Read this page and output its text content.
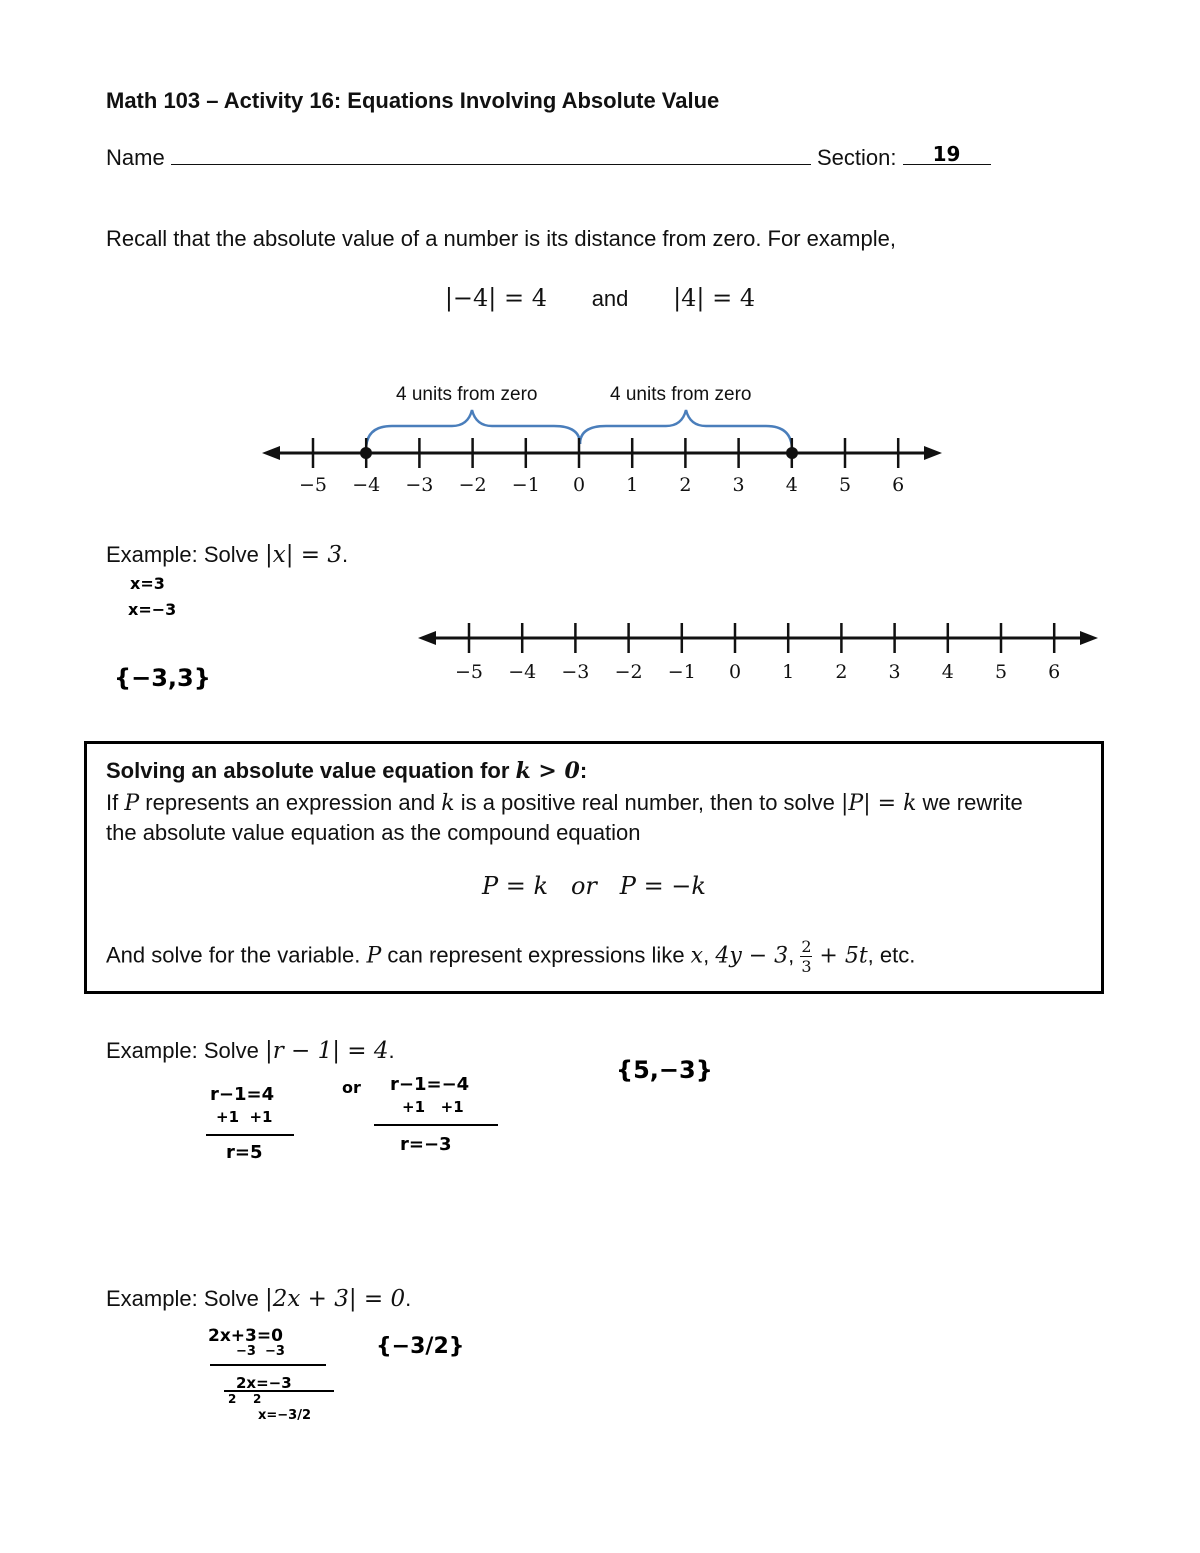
Math 103 – Activity 16: Equations Involving Absolute Value
Name	Section: 19
Recall that the absolute value of a number is its distance from zero. For example,
|−4| = 4 and |4| = 4
4 units from zero	4 units from zero
−5 −4 −3 −2 −1 0 1 2 3 4 5 6
Example: Solve |x| = 3.
x=3
x=−3
{−3,3}	−5 −4 −3 −2 −1 0 1 2 3 4 5 6
Solving an absolute value equation for k > 0:
If P represents an expression and k is a positive real number, then to solve |P| = k we rewrite
the absolute value equation as the compound equation
P = k   or   P = −k
And solve for the variable. P can represent expressions like x, 4y − 3, $\frac{2}{3} + 5t$, etc.
Example: Solve |r − 1| = 4.
r−1=4
+1  +1
r=5
or r−1=−4
+1   +1
r=−3
{5,−3}
Example: Solve |2x + 3| = 0.
2x+3=0
−3  −3
2x=−3
2    2
x=−3/2
{−3/2}
